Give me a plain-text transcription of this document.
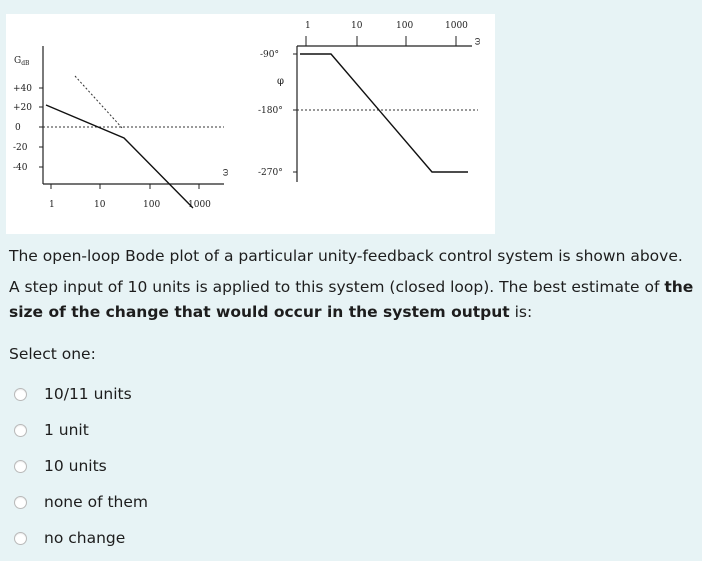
$G_{dB}$
+40
+20
0
-20
-40
1	10	100	1000
ω
1	10	100	1000
ω
-90°
φ
-180°
-270°

The open-loop Bode plot of a particular unity-feedback control system is shown above.

A step input of 10 units is applied to this system (closed loop). The best estimate of the size of the change that would occur in the system output is:

Select one:
10/11 units
1 unit
10 units
none of them
no change
